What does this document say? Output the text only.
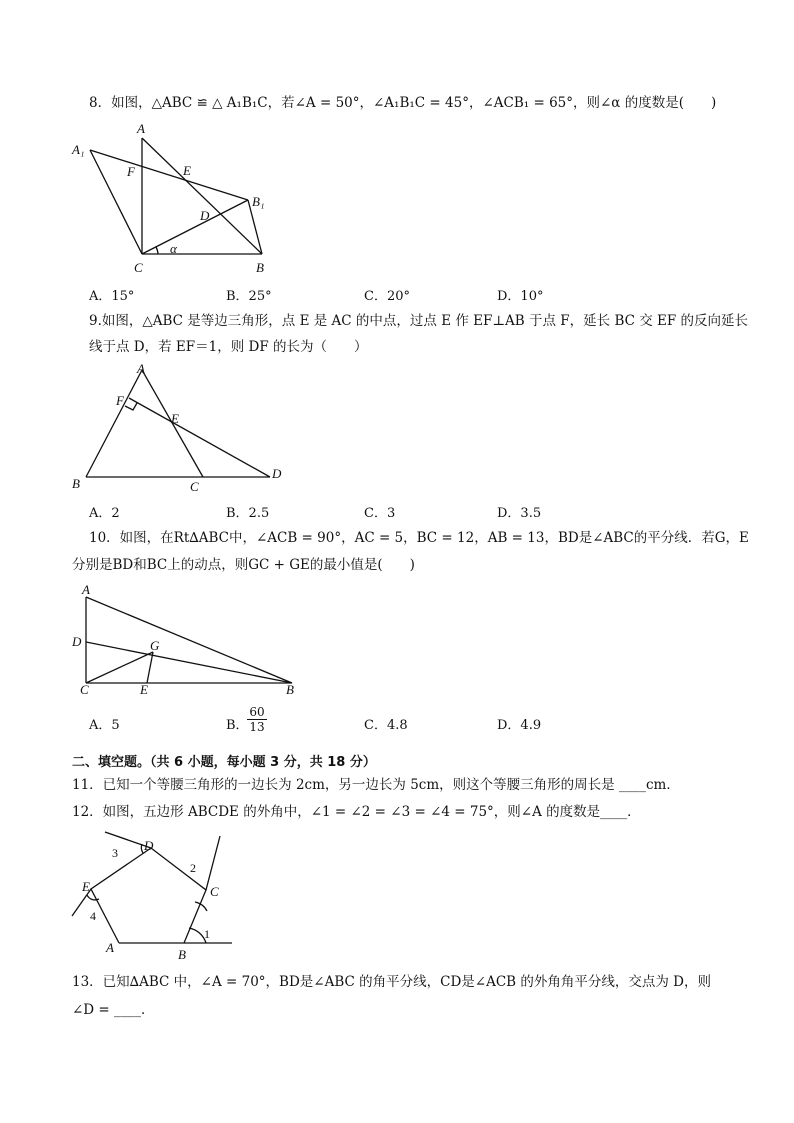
8．如图，△ABC ≌ △ A₁B₁C，若∠A = 50°，∠A₁B₁C = 45°，∠ACB₁ = 65°，则∠α 的度数是(　　)
A
A₁
F	E
B₁
D
α
C	B
A．15°	B．25°	C．20°	D．10°
9.如图，△ABC 是等边三角形，点 E 是 AC 的中点，过点 E 作 EF⊥AB 于点 F，延长 BC 交 EF 的反向延长
线于点 D，若 EF＝1，则 DF 的长为（　　）
A
F
E
B	C
D
A．2	B．2.5	C．3	D．3.5
10．如图，在Rt∆ABC中，∠ACB = 90°，AC = 5，BC = 12，AB = 13，BD是∠ABC的平分线．若G，E
分别是BD和BC上的动点，则GC + GE的最小值是(　　)
A
D	G
C	E	B
A．5	B．
$\frac{60}{13}$	C．4.8	D．4.9
二、填空题。（共 6 小题，每小题 3 分，共 18 分）
11．已知一个等腰三角形的一边长为 2cm，另一边长为 5cm，则这个等腰三角形的周长是 ____cm．
12．如图，五边形 ABCDE 的外角中，∠1 = ∠2 = ∠3 = ∠4 = 75°，则∠A 的度数是____．
1
2
3
4
A	B
C
D
E
13．已知∆ABC 中，∠A = 70°，BD是∠ABC 的角平分线，CD是∠ACB 的外角角平分线，交点为 D，则
∠D = ____．
